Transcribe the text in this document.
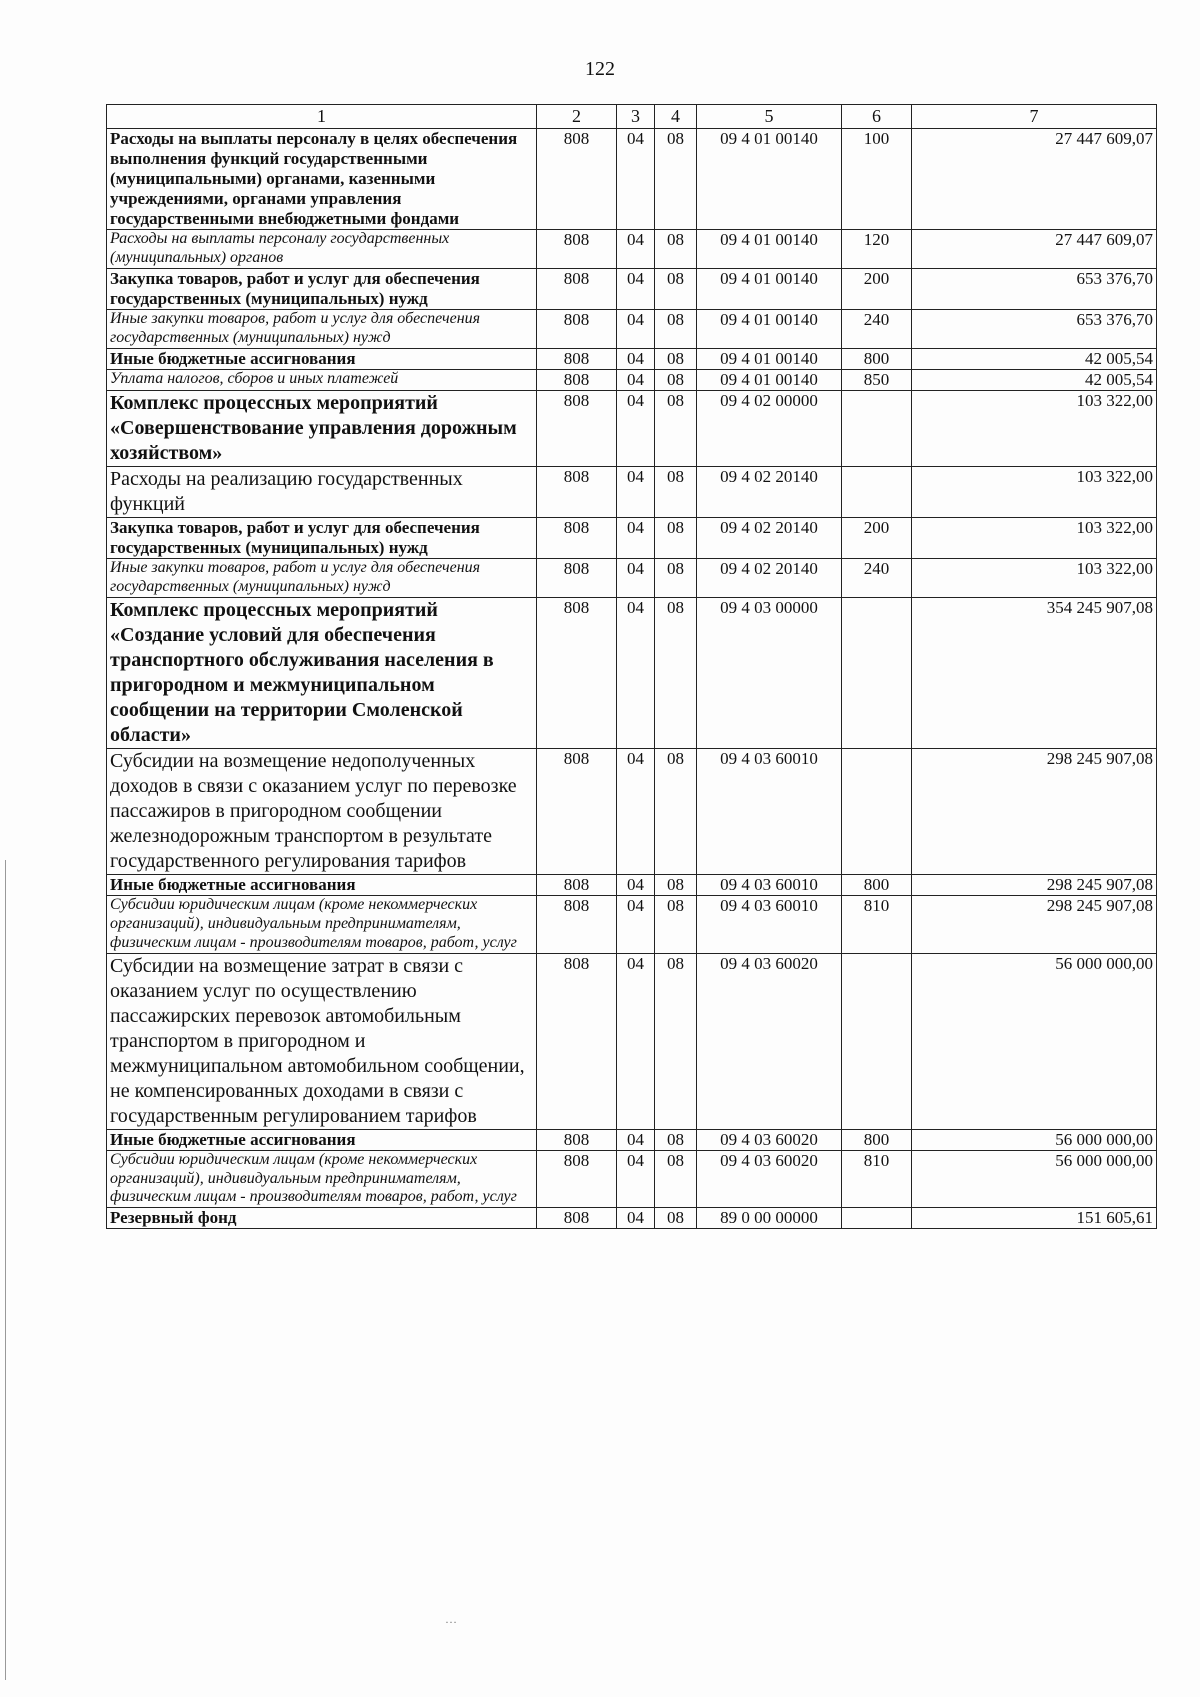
122
1	2	3	4	5	6	7
Расходы на выплаты персоналу в целях обеспечения выполнения функций государственными (муниципальными) органами, казенными учреждениями, органами управления государственными внебюджетными фондами	808	04	08	09 4 01 00140	100	27 447 609,07
Расходы на выплаты персоналу государственных (муниципальных) органов	808	04	08	09 4 01 00140	120	27 447 609,07
Закупка товаров, работ и услуг для обеспечения государственных (муниципальных) нужд	808	04	08	09 4 01 00140	200	653 376,70
Иные закупки товаров, работ и услуг для обеспечения государственных (муниципальных) нужд	808	04	08	09 4 01 00140	240	653 376,70
Иные бюджетные ассигнования	808	04	08	09 4 01 00140	800	42 005,54
Уплата налогов, сборов и иных платежей	808	04	08	09 4 01 00140	850	42 005,54
Комплекс процессных мероприятий «Совершенствование управления дорожным хозяйством»	808	04	08	09 4 02 00000		103 322,00
Расходы на реализацию государственных функций	808	04	08	09 4 02 20140		103 322,00
Закупка товаров, работ и услуг для обеспечения государственных (муниципальных) нужд	808	04	08	09 4 02 20140	200	103 322,00
Иные закупки товаров, работ и услуг для обеспечения государственных (муниципальных) нужд	808	04	08	09 4 02 20140	240	103 322,00
Комплекс процессных мероприятий «Создание условий для обеспечения транспортного обслуживания населения в пригородном и межмуниципальном сообщении на территории Смоленской области»	808	04	08	09 4 03 00000		354 245 907,08
Субсидии на возмещение недополученных доходов в связи с оказанием услуг по перевозке пассажиров в пригородном сообщении железнодорожным транспортом в результате государственного регулирования тарифов	808	04	08	09 4 03 60010		298 245 907,08
Иные бюджетные ассигнования	808	04	08	09 4 03 60010	800	298 245 907,08
Субсидии юридическим лицам (кроме некоммерческих организаций), индивидуальным предпринимателям, физическим лицам - производителям товаров, работ, услуг	808	04	08	09 4 03 60010	810	298 245 907,08
Субсидии на возмещение затрат в связи с оказанием услуг по осуществлению пассажирских перевозок автомобильным транспортом в пригородном и межмуниципальном автомобильном сообщении, не компенсированных доходами в связи с государственным регулированием тарифов	808	04	08	09 4 03 60020		56 000 000,00
Иные бюджетные ассигнования	808	04	08	09 4 03 60020	800	56 000 000,00
Субсидии юридическим лицам (кроме некоммерческих организаций), индивидуальным предпринимателям, физическим лицам - производителям товаров, работ, услуг	808	04	08	09 4 03 60020	810	56 000 000,00
Резервный фонд	808	04	08	89 0 00 00000		151 605,61
…
